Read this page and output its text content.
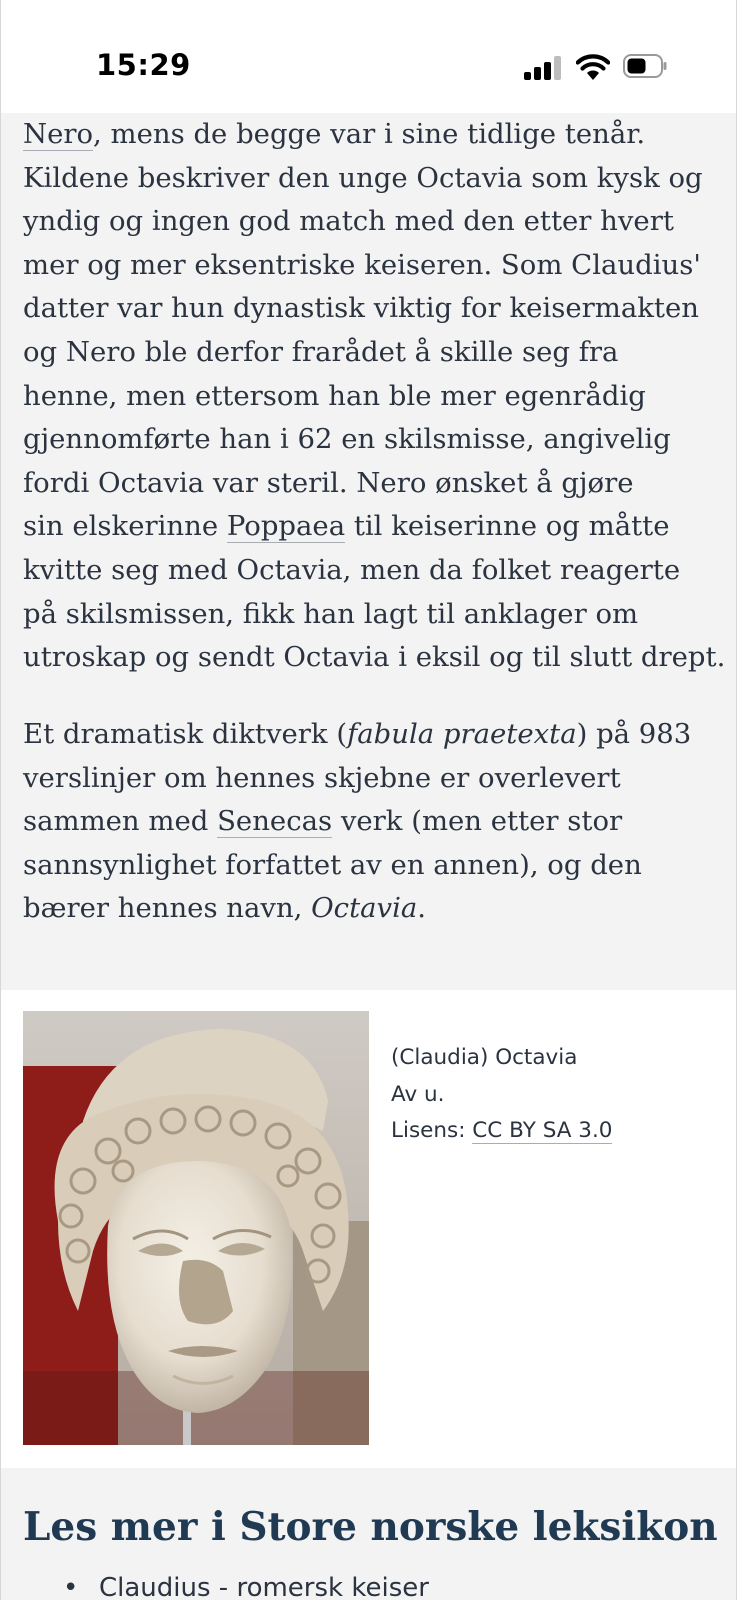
15:29

Nero, mens de begge var i sine tidlige tenår.
Kildene beskriver den unge Octavia som kysk og
yndig og ingen god match med den etter hvert
mer og mer eksentriske keiseren. Som Claudius'
datter var hun dynastisk viktig for keisermakten
og Nero ble derfor frarådet å skille seg fra
henne, men ettersom han ble mer egenrådig
gjennomførte han i 62 en skilsmisse, angivelig
fordi Octavia var steril. Nero ønsket å gjøre
sin elskerinne Poppaea til keiserinne og måtte
kvitte seg med Octavia, men da folket reagerte
på skilsmissen, fikk han lagt til anklager om
utroskap og sendt Octavia i eksil og til slutt drept.

Et dramatisk diktverk (fabula praetexta) på 983
verslinjer om hennes skjebne er overlevert
sammen med Senecas verk (men etter stor
sannsynlighet forfattet av en annen), og den
bærer hennes navn, Octavia.

(Claudia) Octavia
Av u.
Lisens: CC BY SA 3.0
Les mer i Store norske leksikon
• Claudius - romersk keiser
